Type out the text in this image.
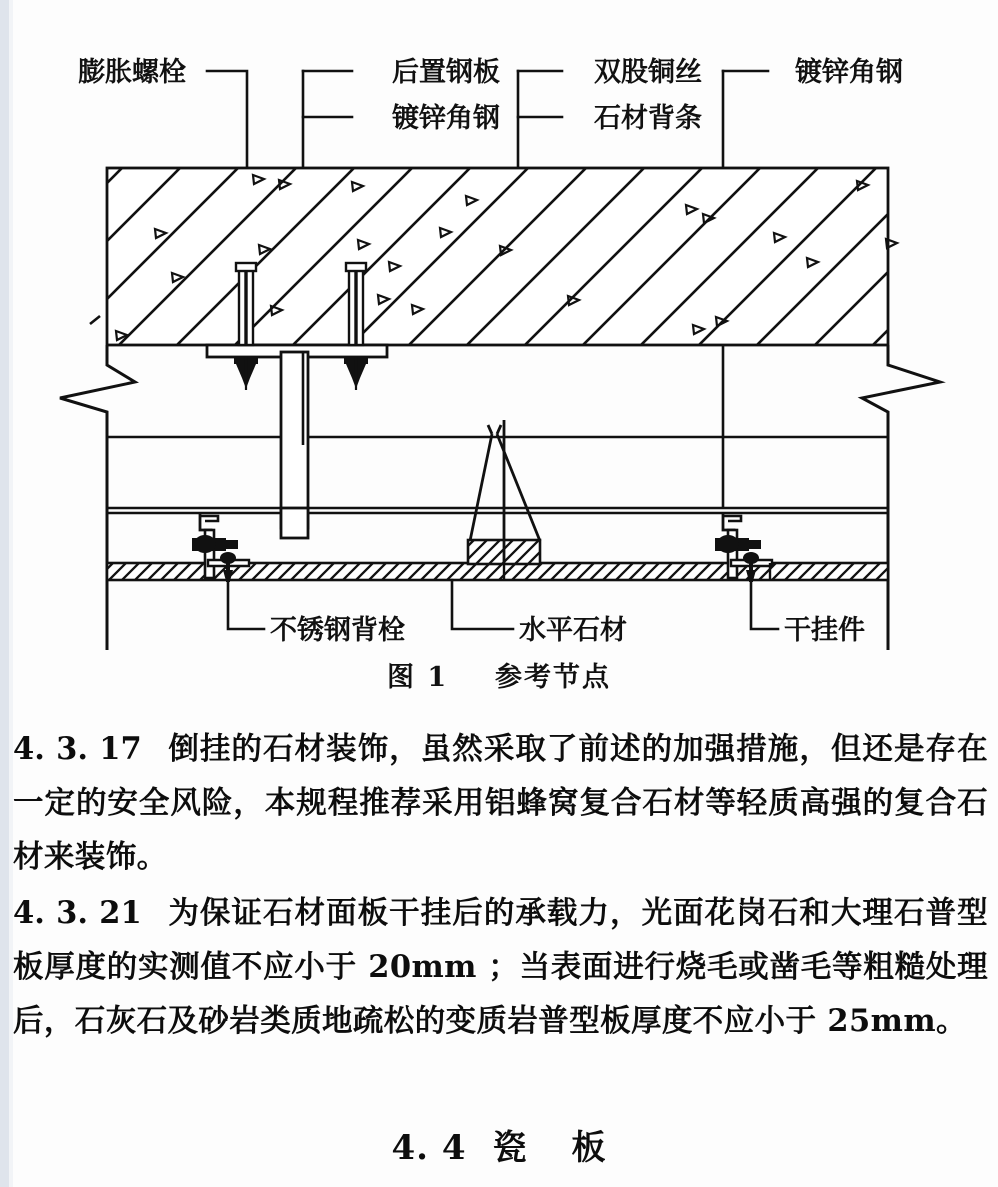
膨胀螺栓	后置钢板
镀锌角钢
双股铜丝
石材背条
镀锌角钢
不锈钢背栓	水平石材	干挂件
图 1 参考节点

4. 3. 17 倒挂的石材装饰，虽然采取了前述的加强措施，但还是存在一定的安全风险，本规程推荐采用铝蜂窝复合石材等轻质高强的复合石材来装饰。

4. 3. 21 为保证石材面板干挂后的承载力，光面花岗石和大理石普型板厚度的实测值不应小于 20mm ；当表面进行烧毛或凿毛等粗糙处理后，石灰石及砂岩类质地疏松的变质岩普型板厚度不应小于 25mm。

4. 4 瓷 板
